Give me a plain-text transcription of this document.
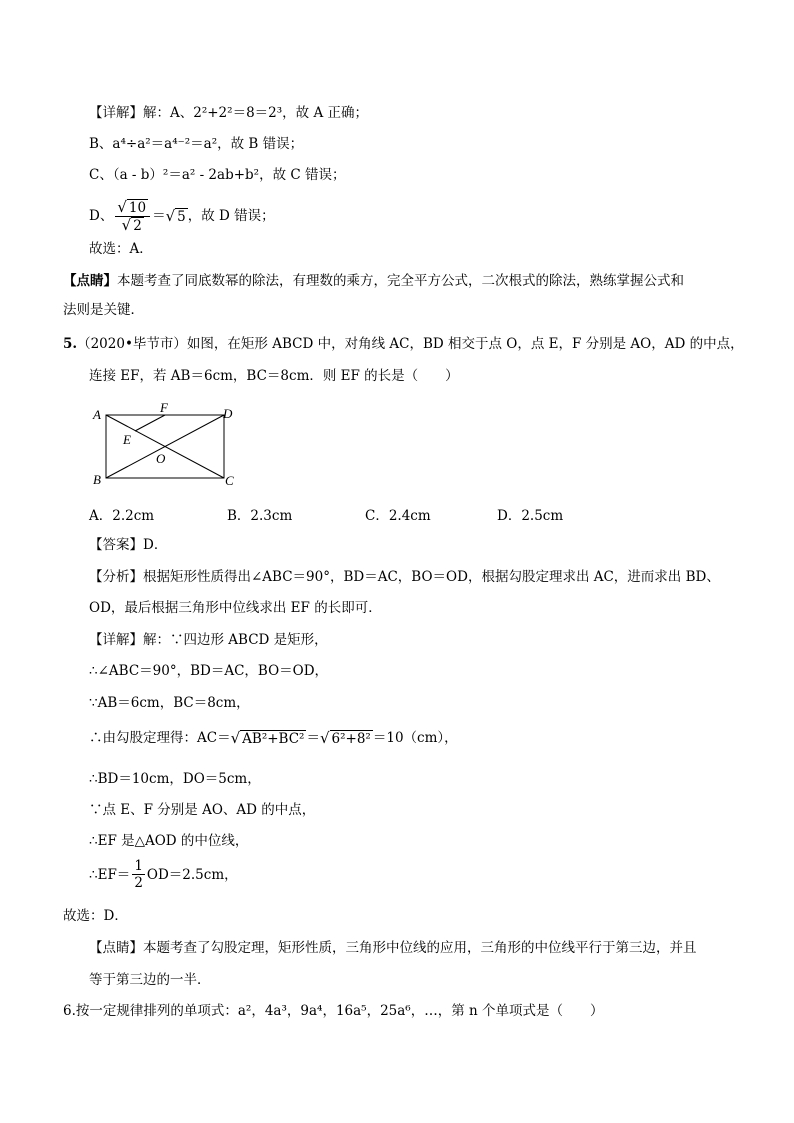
【详解】解：A、2²+2²＝8＝2³，故 A 正确；
B、a⁴÷a²＝a⁴⁻²＝a²，故 B 错误；
C、（a - b）²＝a² - 2ab+b²，故 C 错误；
D、 $\frac{√ 10}{√ 2}$ ＝ √ 5 ，故 D 错误；
故选：A．
【点睛】本题考查了同底数幂的除法，有理数的乘方，完全平方公式，二次根式的除法，熟练掌握公式和
法则是关键．
5.（2020•毕节市）如图，在矩形 ABCD 中，对角线 AC，BD 相交于点 O，点 E，F 分别是 AO，AD 的中点，
连接 EF，若 AB＝6cm，BC＝8cm．则 EF 的长是（　　）
A
B	C
D
E
F
O
A．2.2cm	B．2.3cm	C．2.4cm	D．2.5cm
【答案】D．
【分析】根据矩形性质得出∠ABC＝90°，BD＝AC，BO＝OD，根据勾股定理求出 AC，进而求出 BD、
OD，最后根据三角形中位线求出 EF 的长即可．
【详解】解：∵四边形 ABCD 是矩形，
∴∠ABC＝90°，BD＝AC，BO＝OD，
∵AB＝6cm，BC＝8cm，
∴由勾股定理得：AC＝ √ AB²+BC² ＝ √ 6²+8² ＝10（cm），
∴BD＝10cm，DO＝5cm，
∵点 E、F 分别是 AO、AD 的中点，
∴EF 是△AOD 的中位线，
∴EF＝ $\frac{1}{2} OD=2.5cm$，
故选：D．
【点睛】本题考查了勾股定理，矩形性质，三角形中位线的应用，三角形的中位线平行于第三边，并且
等于第三边的一半．
6.按一定规律排列的单项式：a²，4a³，9a⁴，16a⁵，25a⁶，…，第 n 个单项式是（　　）
